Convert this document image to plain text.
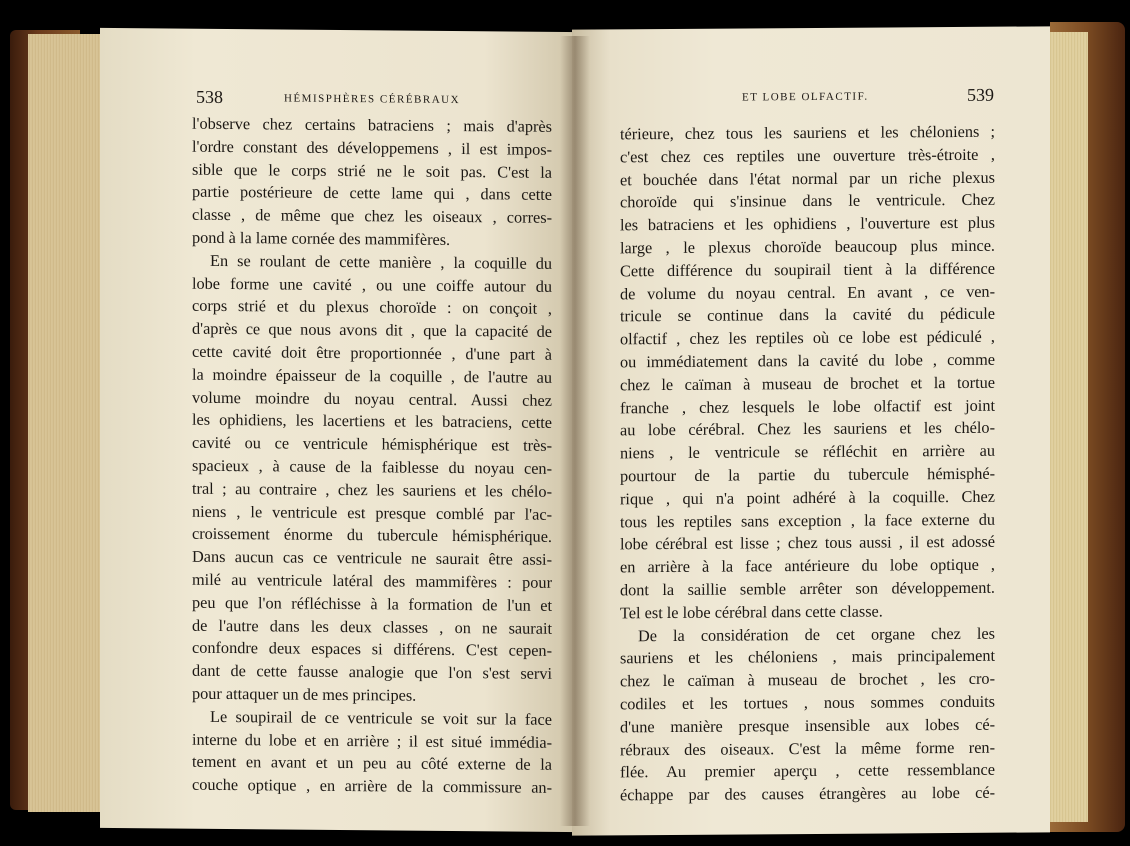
538	HÉMISPHÈRES CÉRÉBRAUX
l'observe chez certains batraciens ; mais d'après
l'ordre constant des développemens , il est impos-
sible que le corps strié ne le soit pas. C'est la
partie postérieure de cette lame qui , dans cette
classe , de même que chez les oiseaux , corres-
pond à la lame cornée des mammifères.
En se roulant de cette manière , la coquille du
lobe forme une cavité , ou une coiffe autour du
corps strié et du plexus choroïde : on conçoit ,
d'après ce que nous avons dit , que la capacité de
cette cavité doit être proportionnée , d'une part à
la moindre épaisseur de la coquille , de l'autre au
volume moindre du noyau central. Aussi chez
les ophidiens, les lacertiens et les batraciens, cette
cavité ou ce ventricule hémisphérique est très-
spacieux , à cause de la faiblesse du noyau cen-
tral ; au contraire , chez les sauriens et les chélo-
niens , le ventricule est presque comblé par l'ac-
croissement énorme du tubercule hémisphérique.
Dans aucun cas ce ventricule ne saurait être assi-
milé au ventricule latéral des mammifères : pour
peu que l'on réfléchisse à la formation de l'un et
de l'autre dans les deux classes , on ne saurait
confondre deux espaces si différens. C'est cepen-
dant de cette fausse analogie que l'on s'est servi
pour attaquer un de mes principes.
Le soupirail de ce ventricule se voit sur la face
interne du lobe et en arrière ; il est situé immédia-
tement en avant et un peu au côté externe de la
couche optique , en arrière de la commissure an-
ET LOBE OLFACTIF.	539
térieure, chez tous les sauriens et les chéloniens ;
c'est chez ces reptiles une ouverture très-étroite ,
et bouchée dans l'état normal par un riche plexus
choroïde qui s'insinue dans le ventricule. Chez
les batraciens et les ophidiens , l'ouverture est plus
large , le plexus choroïde beaucoup plus mince.
Cette différence du soupirail tient à la différence
de volume du noyau central. En avant , ce ven-
tricule se continue dans la cavité du pédicule
olfactif , chez les reptiles où ce lobe est pédiculé ,
ou immédiatement dans la cavité du lobe , comme
chez le caïman à museau de brochet et la tortue
franche , chez lesquels le lobe olfactif est joint
au lobe cérébral. Chez les sauriens et les chélo-
niens , le ventricule se réfléchit en arrière au
pourtour de la partie du tubercule hémisphé-
rique , qui n'a point adhéré à la coquille. Chez
tous les reptiles sans exception , la face externe du
lobe cérébral est lisse ; chez tous aussi , il est adossé
en arrière à la face antérieure du lobe optique ,
dont la saillie semble arrêter son développement.
Tel est le lobe cérébral dans cette classe.
De la considération de cet organe chez les
sauriens et les chéloniens , mais principalement
chez le caïman à museau de brochet , les cro-
codiles et les tortues , nous sommes conduits
d'une manière presque insensible aux lobes cé-
rébraux des oiseaux. C'est la même forme ren-
flée. Au premier aperçu , cette ressemblance
échappe par des causes étrangères au lobe cé-
